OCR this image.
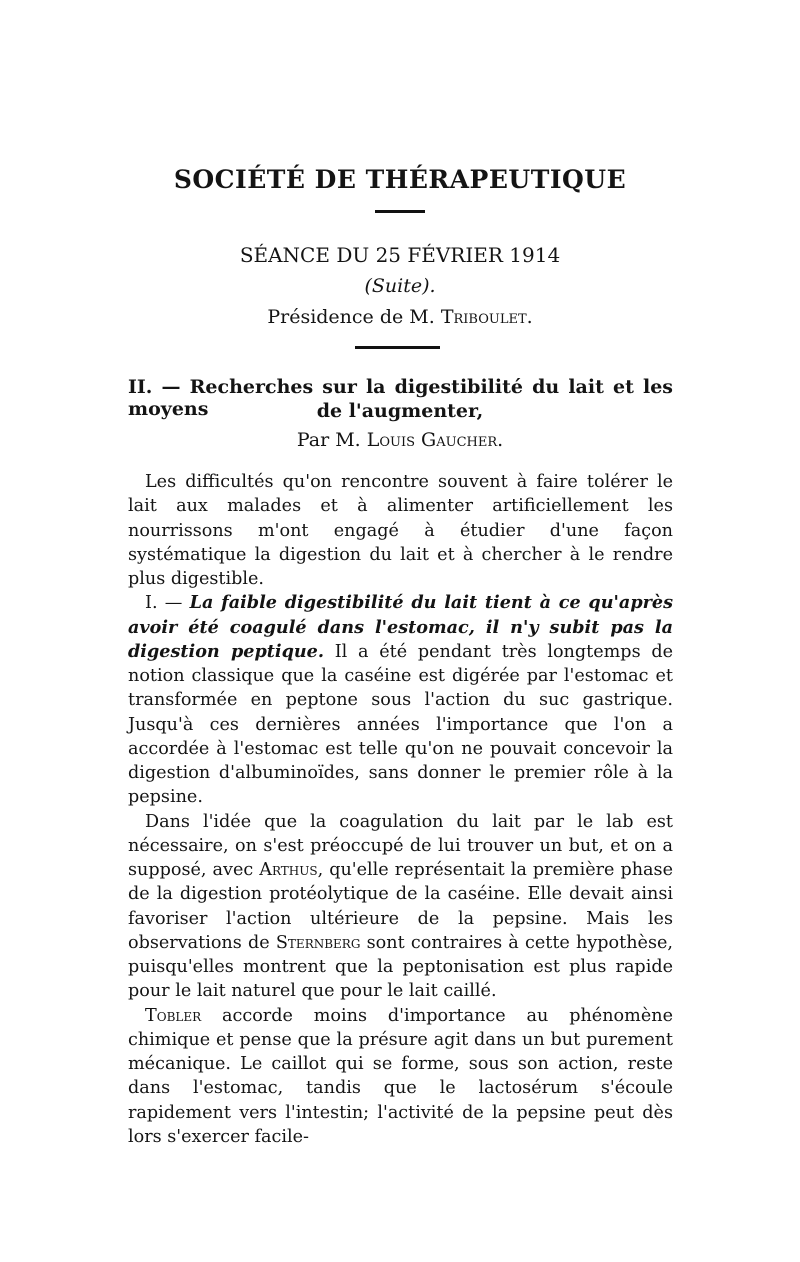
SOCIÉTÉ DE THÉRAPEUTIQUE
SÉANCE DU 25 FÉVRIER 1914
(Suite).
Présidence de M. Triboulet.
II. — Recherches sur la digestibilité du lait et les moyens	de l'augmenter,
Par M. Louis Gaucher.

Les difficultés qu'on rencontre souvent à faire tolérer le lait aux malades et à alimenter artificiellement les nourrissons m'ont engagé à étudier d'une façon systématique la digestion du lait et à chercher à le rendre plus digestible.

I. — La faible digestibilité du lait tient à ce qu'après avoir été coagulé dans l'estomac, il n'y subit pas la digestion peptique. Il a été pendant très longtemps de notion classique que la caséine est digérée par l'estomac et transformée en peptone sous l'action du suc gastrique. Jusqu'à ces dernières années l'importance que l'on a accordée à l'estomac est telle qu'on ne pouvait concevoir la digestion d'albuminoïdes, sans donner le premier rôle à la pepsine.

Dans l'idée que la coagulation du lait par le lab est nécessaire, on s'est préoccupé de lui trouver un but, et on a supposé, avec Arthus, qu'elle représentait la première phase de la digestion protéolytique de la caséine. Elle devait ainsi favoriser l'action ultérieure de la pepsine. Mais les observations de Sternberg sont contraires à cette hypothèse, puisqu'elles montrent que la peptonisation est plus rapide pour le lait naturel que pour le lait caillé.

Tobler accorde moins d'importance au phénomène chimique et pense que la présure agit dans un but purement mécanique. Le caillot qui se forme, sous son action, reste dans l'estomac, tandis que le lactosérum s'écoule rapidement vers l'intestin; l'activité de la pepsine peut dès lors s'exercer facile-
